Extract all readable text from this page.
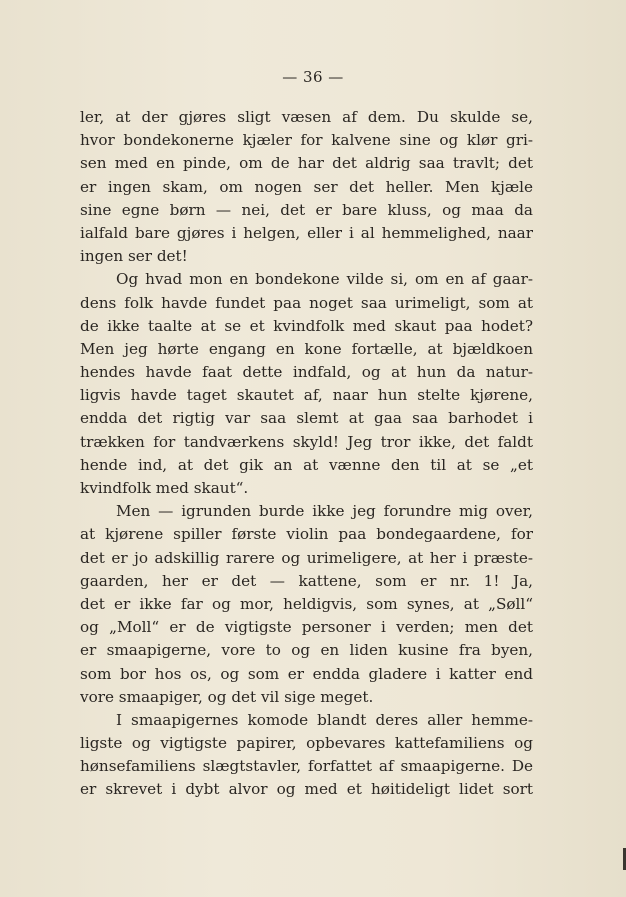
— 36 —
ler, at der gjøres sligt væsen af dem. Du skulde se,
hvor bondekonerne kjæler for kalvene sine og klør gri-
sen med en pinde, om de har det aldrig saa travlt; det
er ingen skam, om nogen ser det heller. Men kjæle
sine egne børn — nei, det er bare kluss, og maa da
ialfald bare gjøres i helgen, eller i al hemmelighed, naar
ingen ser det!
Og hvad mon en bondekone vilde si, om en af gaar-
dens folk havde fundet paa noget saa urimeligt, som at
de ikke taalte at se et kvindfolk med skaut paa hodet?
Men jeg hørte engang en kone fortælle, at bjældkoen
hendes havde faat dette indfald, og at hun da natur-
ligvis havde taget skautet af, naar hun stelte kjørene,
endda det rigtig var saa slemt at gaa saa barhodet i
trækken for tandværkens skyld! Jeg tror ikke, det faldt
hende ind, at det gik an at vænne den til at se „et
kvindfolk med skaut“.
Men — igrunden burde ikke jeg forundre mig over,
at kjørene spiller første violin paa bondegaardene, for
det er jo adskillig rarere og urimeligere, at her i præste-
gaarden, her er det — kattene, som er nr. 1! Ja,
det er ikke far og mor, heldigvis, som synes, at „Søll“
og „Moll“ er de vigtigste personer i verden; men det
er smaapigerne, vore to og en liden kusine fra byen,
som bor hos os, og som er endda gladere i katter end
vore smaapiger, og det vil sige meget.
I smaapigernes komode blandt deres aller hemme-
ligste og vigtigste papirer, opbevares kattefamiliens og
hønsefamiliens slægtstavler, forfattet af smaapigerne. De
er skrevet i dybt alvor og med et høitideligt lidet sort
